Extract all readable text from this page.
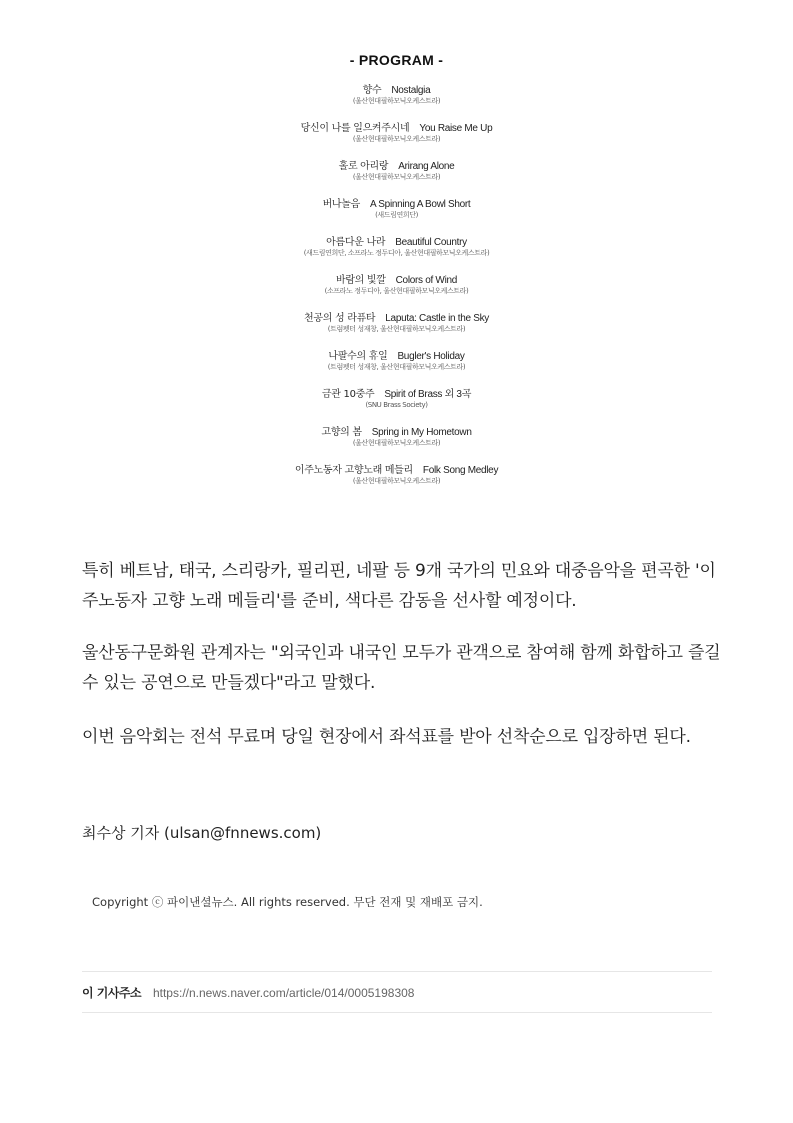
- PROGRAM -
향수 Nostalgia
(울산현대필하모닉오케스트라)
당신이 나를 일으켜주시네 You Raise Me Up
(울산현대필하모닉오케스트라)
홀로 아리랑 Arirang Alone
(울산현대필하모닉오케스트라)
버나놀음 A Spinning A Bowl Short
(새드림연희단)
아름다운 나라 Beautiful Country
(새드림연희단, 소프라노 정두디아, 울산현대필하모닉오케스트라)
바람의 빛깔 Colors of Wind
(소프라노 정두디아, 울산현대필하모닉오케스트라)
천공의 성 라퓨타 Laputa: Castle in the Sky
(트럼펫터 성재창, 울산현대필하모닉오케스트라)
나팔수의 휴일 Bugler's Holiday
(트럼펫터 성재창, 울산현대필하모닉오케스트라)
금관 10중주 Spirit of Brass 외 3곡
(SNU Brass Society)
고향의 봄 Spring in My Hometown
(울산현대필하모닉오케스트라)
이주노동자 고향노래 메들리 Folk Song Medley
(울산현대필하모닉오케스트라)

특히 베트남, 태국, 스리랑카, 필리핀, 네팔 등 9개 국가의 민요와 대중음악을 편곡한 '이주노동자 고향 노래 메들리'를 준비, 색다른 감동을 선사할 예정이다.

울산동구문화원 관계자는 "외국인과 내국인 모두가 관객으로 참여해 함께 화합하고 즐길 수 있는 공연으로 만들겠다"라고 말했다.

이번 음악회는 전석 무료며 당일 현장에서 좌석표를 받아 선착순으로 입장하면 된다.

최수상 기자 (ulsan@fnnews.com)
Copyright ⓒ 파이낸셜뉴스. All rights reserved. 무단 전재 및 재배포 금지.
이 기사주소 https://n.news.naver.com/article/014/0005198308
